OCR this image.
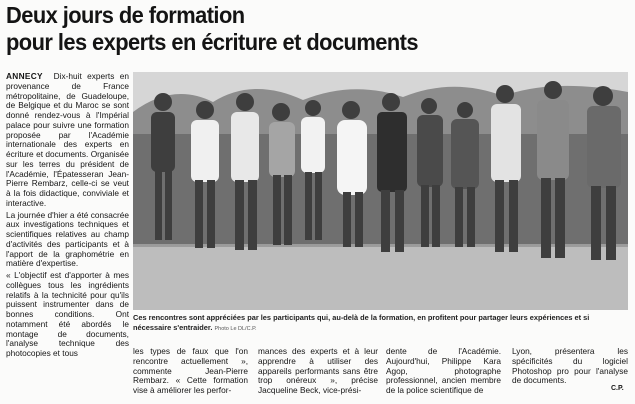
Deux jours de formation
pour les experts en écriture et documents

ANNECY Dix-huit experts en provenance de France métropolitaine, de Guadeloupe, de Belgique et du Maroc se sont donné rendez-vous à l'Impérial palace pour suivre une formation proposée par l'Académie internationale des experts en écriture et documents. Organisée sur les terres du président de l'Académie, l'Épatesseran Jean-Pierre Rembarz, celle-ci se veut à la fois didactique, conviviale et interactive.

La journée d'hier a été consacrée aux investigations techniques et scientifiques relatives au champ d'activités des participants et à l'apport de la graphométrie en matière d'expertise.

« L'objectif est d'apporter à mes collègues tous les ingrédients relatifs à la technicité pour qu'ils puissent instrumenter dans de bonnes conditions. Ont notamment été abordés le montage de documents, l'analyse technique des photocopies et tous

Ces rencontres sont appréciées par les participants qui, au-delà de la formation, en profitent pour partager leurs expériences et si nécessaire s'entraider. Photo Le DL/C.P.
les types de faux que l'on rencontre actuellement », commente Jean-Pierre Rembarz. « Cette formation vise à améliorer les perfor-
mances des experts et à leur apprendre à utiliser des appareils performants sans être trop onéreux », précise Jacqueline Beck, vice-prési-
dente de l'Académie. Aujourd'hui, Philippe Kara Agop, photographe professionnel, ancien membre de la police scientifique de
Lyon, présentera les spécificités du logiciel Photoshop pro pour l'analyse de documents.
C.P.
